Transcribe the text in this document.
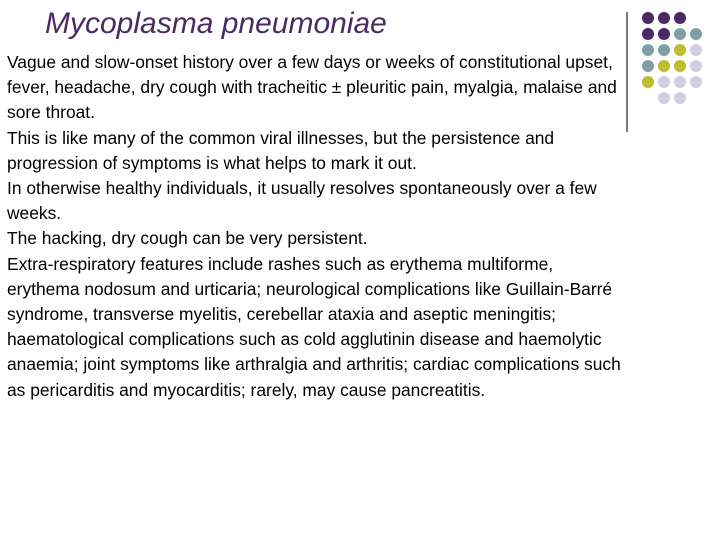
Mycoplasma pneumoniae

Vague and slow-onset history over a few days or weeks of constitutional upset, fever, headache, dry cough with tracheitic ± pleuritic pain, myalgia, malaise and sore throat.

This is like many of the common viral illnesses, but the persistence and progression of symptoms is what helps to mark it out.

In otherwise healthy individuals, it usually resolves spontaneously over a few weeks.

The hacking, dry cough can be very persistent.

Extra-respiratory features include rashes such as erythema multiforme, erythema nodosum and urticaria; neurological complications like Guillain-Barré syndrome, transverse myelitis, cerebellar ataxia and aseptic meningitis; haematological complications such as cold agglutinin disease and haemolytic anaemia; joint symptoms like arthralgia and arthritis; cardiac complications such as pericarditis and myocarditis; rarely, may cause pancreatitis.
